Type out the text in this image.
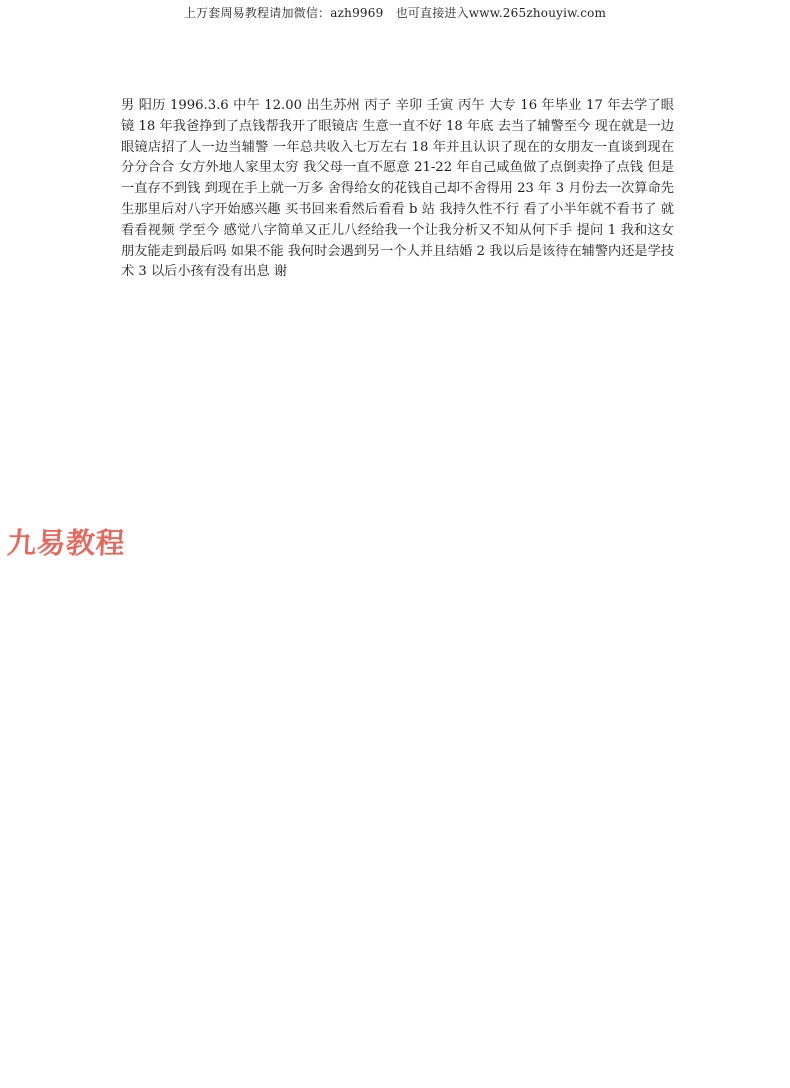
上万套周易教程请加微信：azh9969　也可直接进入www.265zhouyiw.com

男 阳历 1996.3.6 中午 12.00 出生苏州 丙子 辛卯 壬寅 丙午 大专 16 年毕业 17 年去学了眼镜 18 年我爸挣到了点钱帮我开了眼镜店 生意一直不好 18 年底 去当了辅警至今 现在就是一边眼镜店招了人一边当辅警 一年总共收入七万左右 18 年并且认识了现在的女朋友一直谈到现在 分分合合 女方外地人家里太穷 我父母一直不愿意 21-22 年自己咸鱼做了点倒卖挣了点钱 但是一直存不到钱 到现在手上就一万多 舍得给女的花钱自己却不舍得用 23 年 3 月份去一次算命先生那里后对八字开始感兴趣 买书回来看然后看看 b 站 我持久性不行 看了小半年就不看书了 就看看视频 学至今 感觉八字简单又正儿八经给我一个让我分析又不知从何下手 提问 1 我和这女朋友能走到最后吗 如果不能 我何时会遇到另一个人并且结婚 2 我以后是该待在辅警内还是学技术 3 以后小孩有没有出息 谢

九易教程
